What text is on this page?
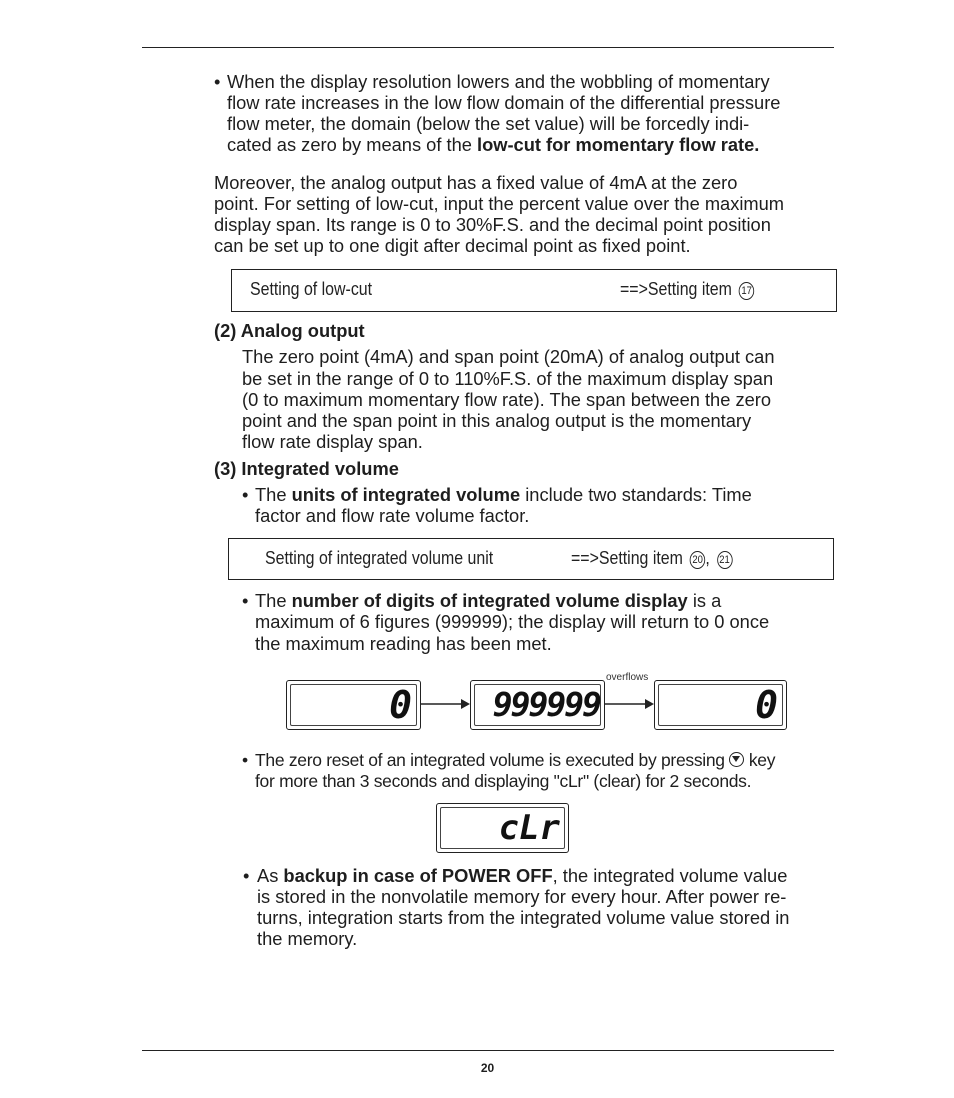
• When the display resolution lowers and the wobbling of momentary

flow rate increases in the low flow domain of the differential pressure

flow meter, the domain (below the set value) will be forcedly indi-

cated as zero by means of the low-cut for momentary flow rate.

Moreover, the analog output has a fixed value of 4mA at the zero

point. For setting of low-cut, input the percent value over the maximum

display span. Its range is 0 to 30%F.S. and the decimal point position

can be set up to one digit after decimal point as fixed point.

Setting of low-cut	==>Setting item 17
(2) Analog output

The zero point (4mA) and span point (20mA) of analog output can

be set in the range of 0 to 110%F.S. of the maximum display span

(0 to maximum momentary flow rate). The span between the zero

point and the span point in this analog output is the momentary

flow rate display span.

(3) Integrated volume
• The units of integrated volume include two standards: Time

factor and flow rate volume factor.

Setting of integrated volume unit	==>Setting item 20 , 21
• The number of digits of integrated volume display is a

maximum of 6 figures (999999); the display will return to 0 once

the maximum reading has been met.

0 999999
overflows
0
• The zero reset of an integrated volume is executed by pressing  key

for more than 3 seconds and displaying "cLr" (clear) for 2 seconds.

cLr
• As backup in case of POWER OFF, the integrated volume value

is stored in the nonvolatile memory for every hour. After power re-

turns, integration starts from the integrated volume value stored in

the memory.

20
